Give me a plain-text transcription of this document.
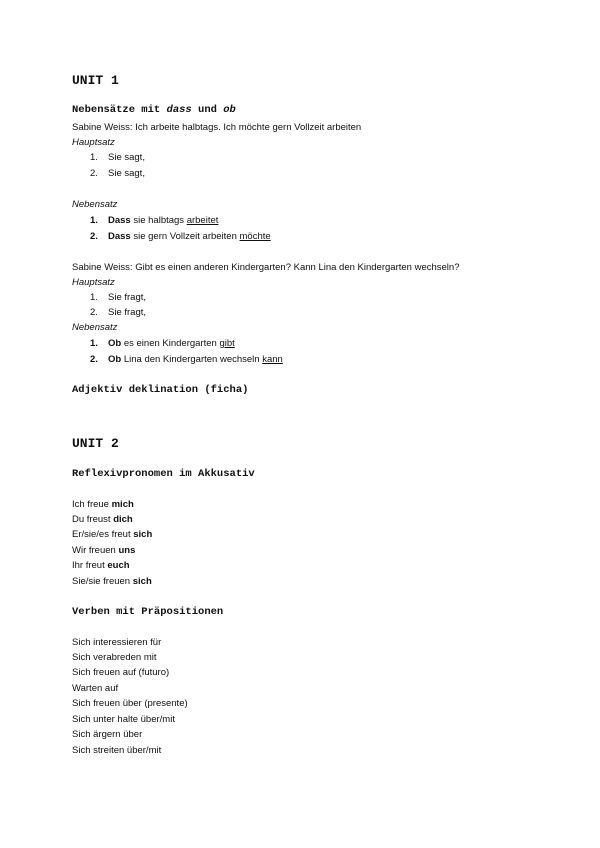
UNIT 1
Nebensätze mit dass und ob
Sabine Weiss: Ich arbeite halbtags. Ich möchte gern Vollzeit arbeiten
Hauptsatz
1. Sie sagt,
2. Sie sagt,
Nebensatz
1. Dass sie halbtags arbeitet
2. Dass sie gern Vollzeit arbeiten möchte
Sabine Weiss: Gibt es einen anderen Kindergarten? Kann Lina den Kindergarten wechseln?
Hauptsatz
1. Sie fragt,
2. Sie fragt,
Nebensatz
1. Ob es einen Kindergarten gibt
2. Ob Lina den Kindergarten wechseln kann
Adjektiv deklination (ficha)
UNIT 2
Reflexivpronomen im Akkusativ
Ich freue mich
Du freust dich
Er/sie/es freut sich
Wir freuen uns
Ihr freut euch
Sie/sie freuen sich
Verben mit Präpositionen
Sich interessieren für
Sich verabreden mit
Sich freuen auf (futuro)
Warten auf
Sich freuen über (presente)
Sich unter halte über/mit
Sich ärgern über
Sich streiten über/mit
